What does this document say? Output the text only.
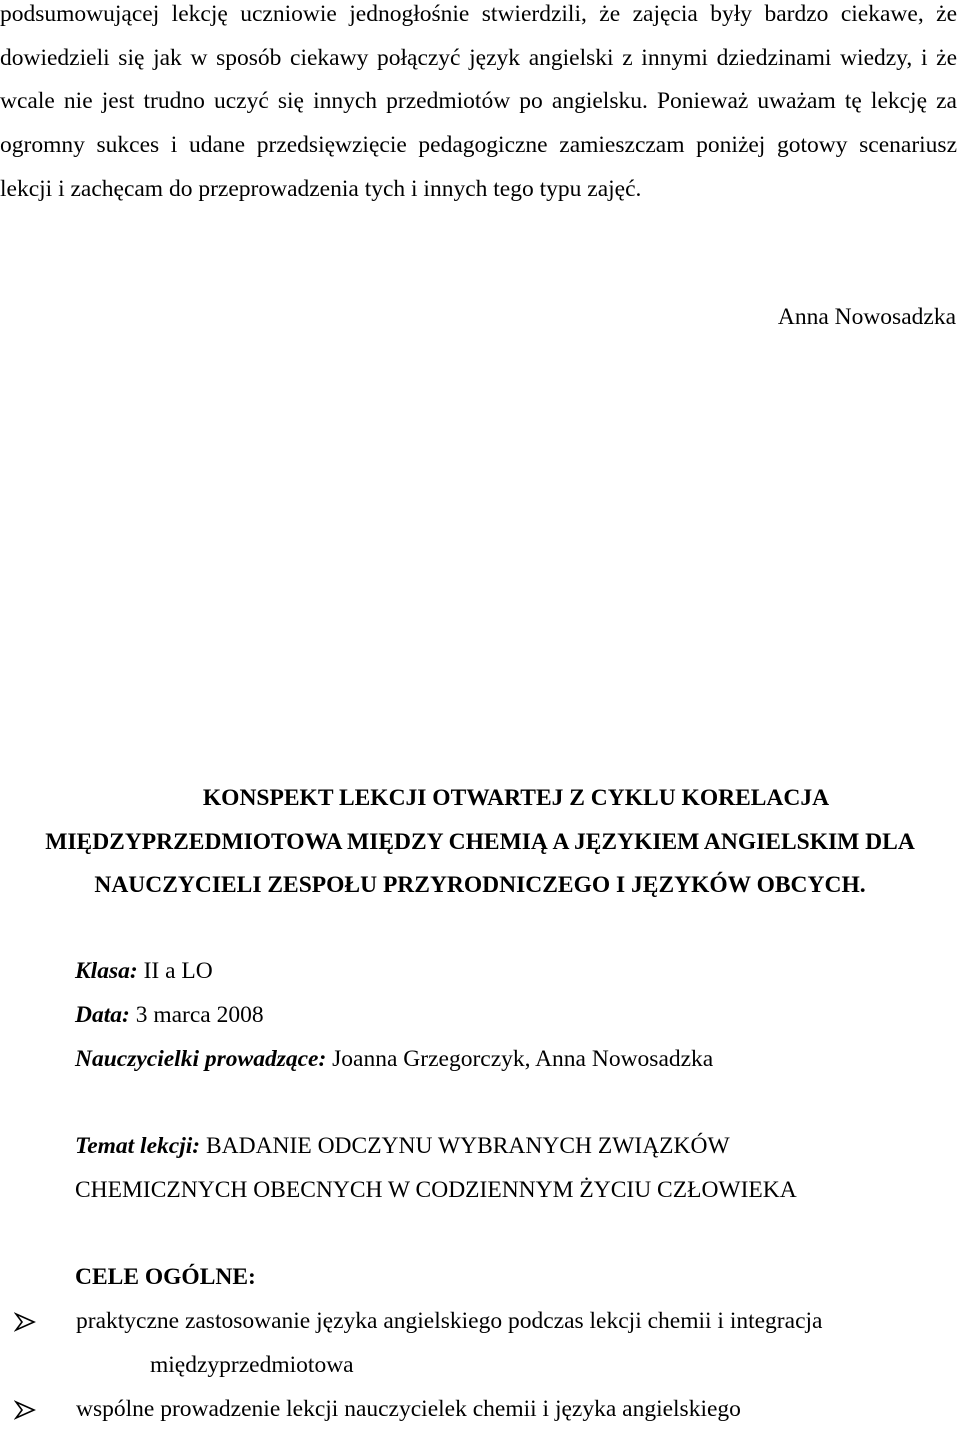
podsumowującej lekcję uczniowie jednogłośnie stwierdzili, że zajęcia były bardzo ciekawe, że dowiedzieli się jak w sposób ciekawy połączyć język angielski z innymi dziedzinami wiedzy, i że wcale nie jest trudno uczyć się innych przedmiotów po angielsku. Ponieważ uważam tę lekcję za ogromny sukces i udane przedsięwzięcie pedagogiczne zamieszczam poniżej gotowy scenariusz lekcji i zachęcam do przeprowadzenia tych i innych tego typu zajęć.

Anna Nowosadzka

KONSPEKT LEKCJI OTWARTEJ Z CYKLU KORELACJA
MIĘDZYPRZEDMIOTOWA MIĘDZY CHEMIĄ A JĘZYKIEM ANGIELSKIM DLA
NAUCZYCIELI ZESPOŁU PRZYRODNICZEGO I JĘZYKÓW OBCYCH.

Klasa: II a LO

Data: 3 marca 2008

Nauczycielki prowadzące: Joanna Grzegorczyk, Anna Nowosadzka

Temat lekcji: BADANIE ODCZYNU WYBRANYCH ZWIĄZKÓW

CHEMICZNYCH OBECNYCH W CODZIENNYM ŻYCIU CZŁOWIEKA

CELE OGÓLNE:

praktyczne zastosowanie języka angielskiego podczas lekcji chemii i integracja
międzyprzedmiotowa
wspólne prowadzenie lekcji nauczycielek chemii i języka angielskiego
